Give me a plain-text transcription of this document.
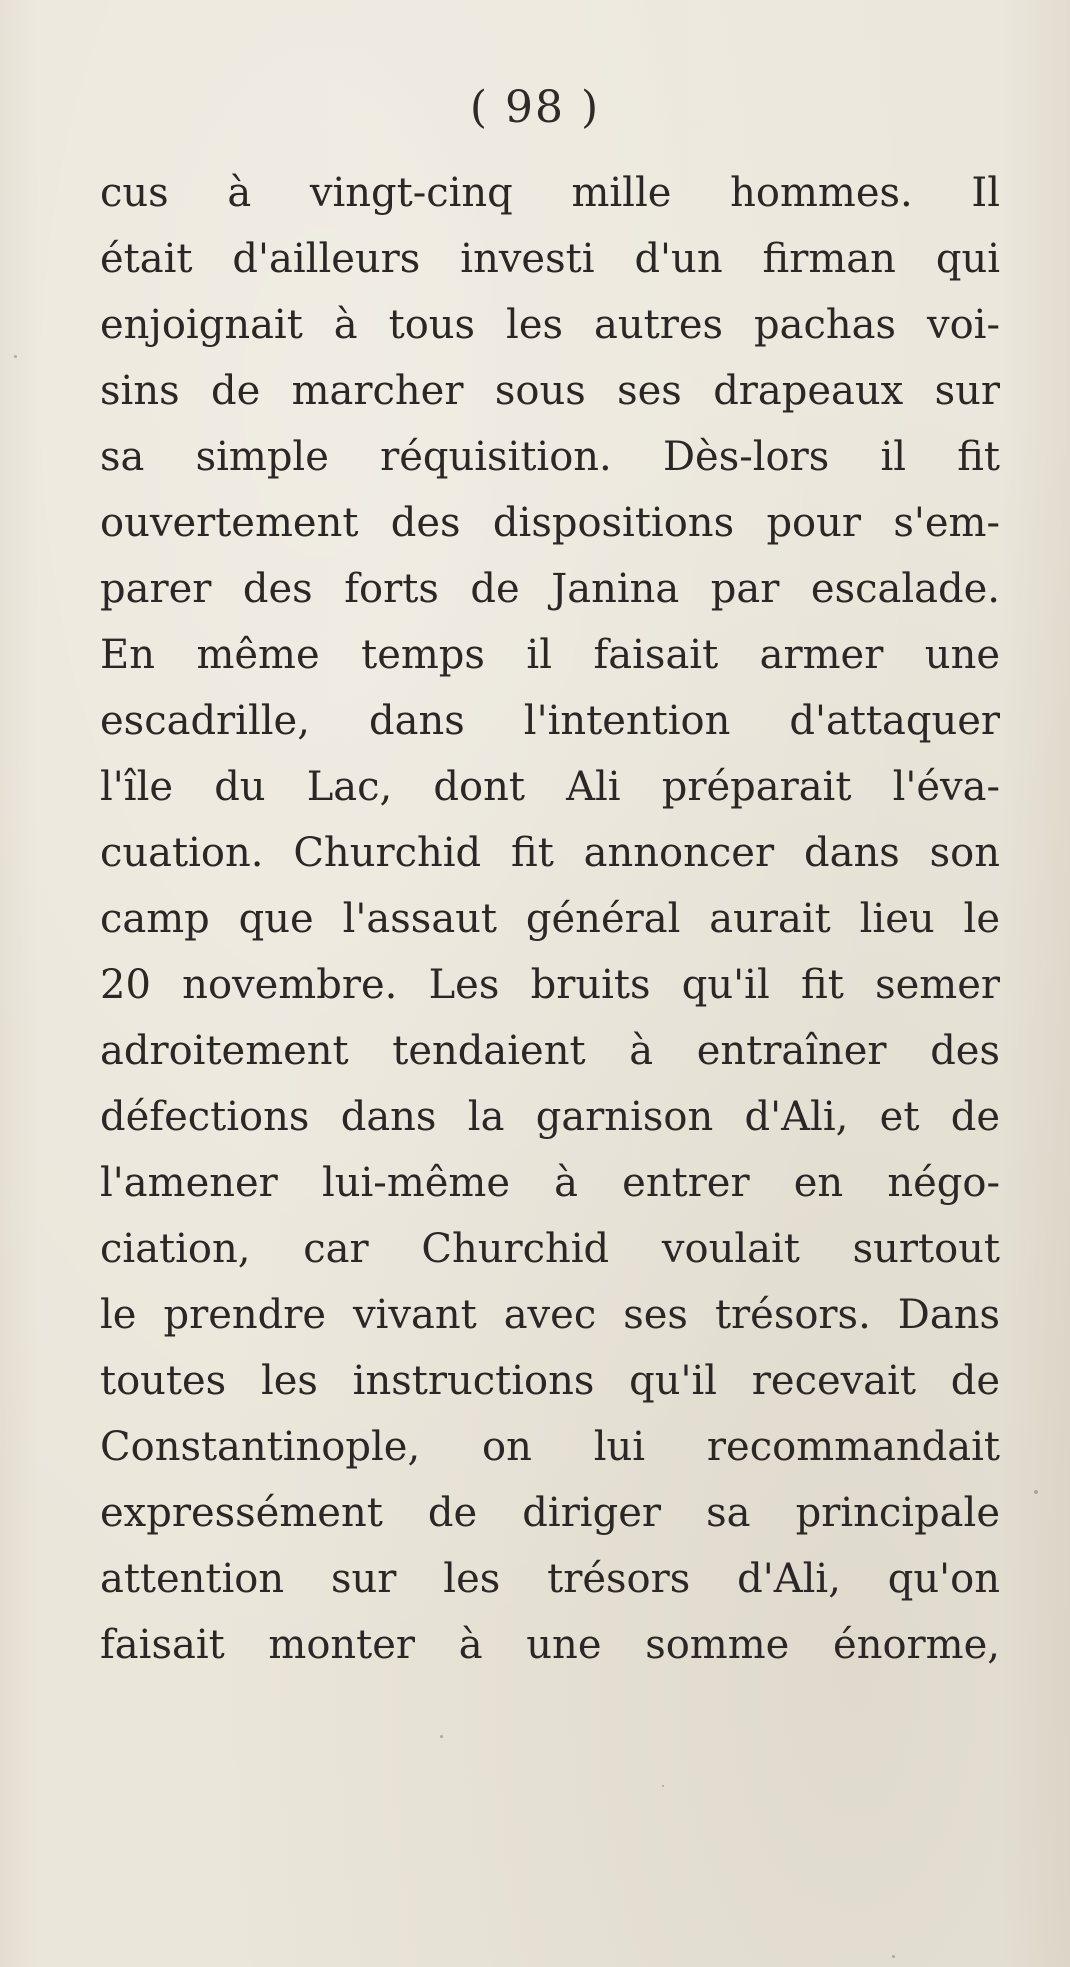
( 98 )
cus à vingt-cinq mille hommes. Il
était d'ailleurs investi d'un firman qui
enjoignait à tous les autres pachas voi-
sins de marcher sous ses drapeaux sur
sa simple réquisition. Dès-lors il fit
ouvertement des dispositions pour s'em-
parer des forts de Janina par escalade.
En même temps il faisait armer une
escadrille, dans l'intention d'attaquer
l'île du Lac, dont Ali préparait l'éva-
cuation. Churchid fit annoncer dans son
camp que l'assaut général aurait lieu le
20 novembre. Les bruits qu'il fit semer
adroitement tendaient à entraîner des
défections dans la garnison d'Ali, et de
l'amener lui-même à entrer en négo-
ciation, car Churchid voulait surtout
le prendre vivant avec ses trésors. Dans
toutes les instructions qu'il recevait de
Constantinople, on lui recommandait
expressément de diriger sa principale
attention sur les trésors d'Ali, qu'on
faisait monter à une somme énorme,
